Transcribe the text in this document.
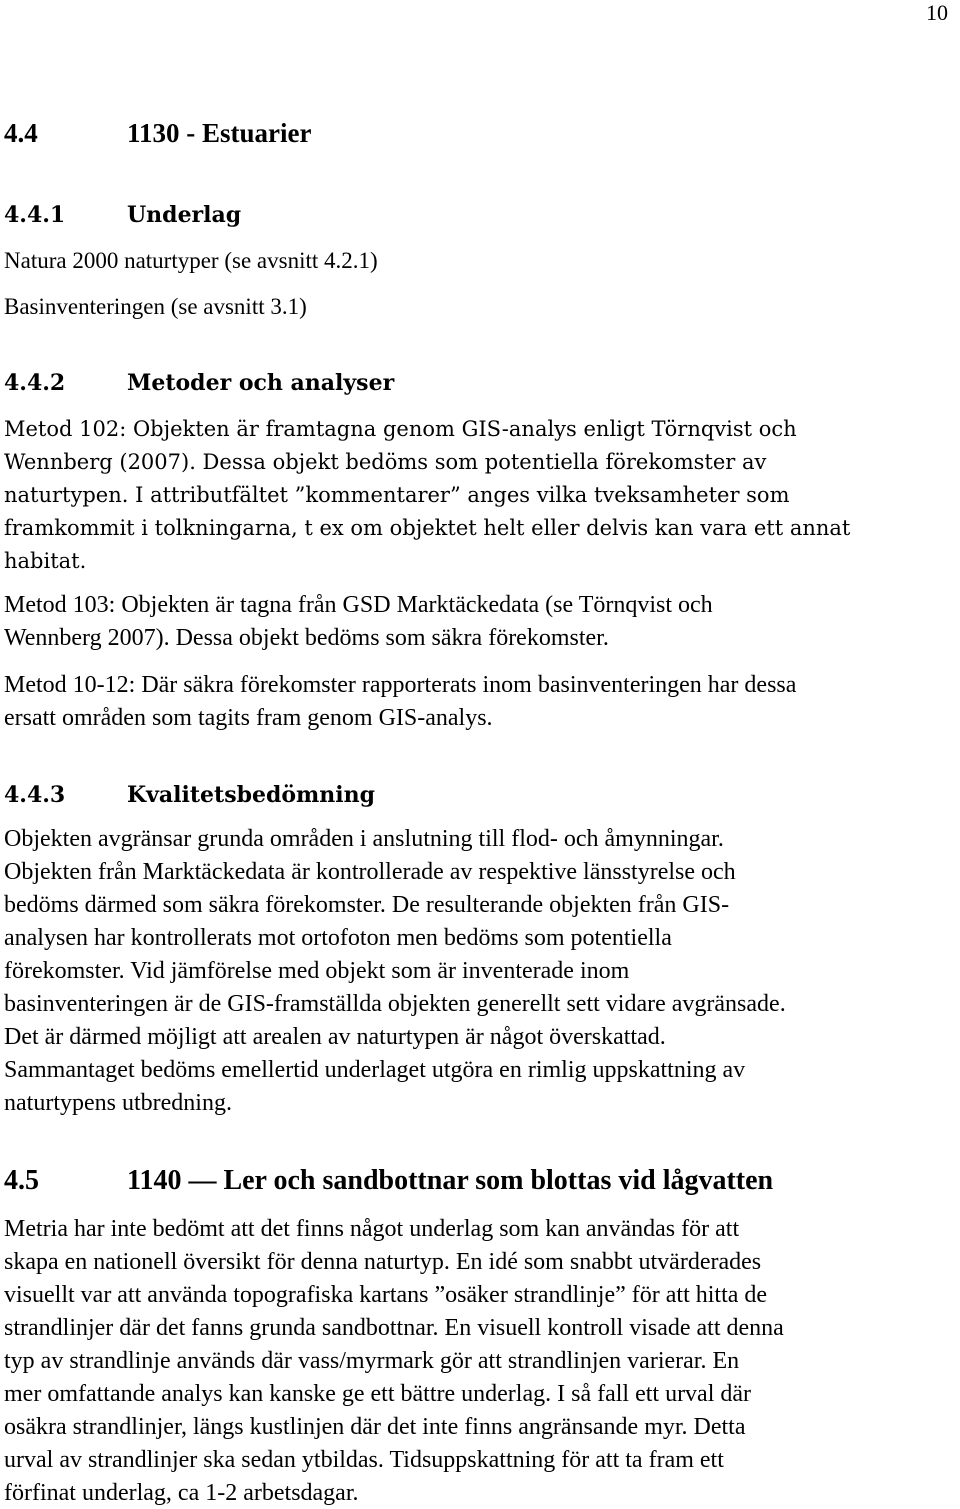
10
4.4	1130 - Estuarier
4.4.1	Underlag
Natura 2000 naturtyper (se avsnitt 4.2.1)
Basinventeringen (se avsnitt 3.1)
4.4.2	Metoder och analyser
Metod 102: Objekten är framtagna genom GIS-analys enligt Törnqvist och
Wennberg (2007). Dessa objekt bedöms som potentiella förekomster av
naturtypen. I attributfältet ”kommentarer” anges vilka tveksamheter som
framkommit i tolkningarna, t ex om objektet helt eller delvis kan vara ett annat
habitat.
Metod 103: Objekten är tagna från GSD Marktäckedata (se Törnqvist och
Wennberg 2007). Dessa objekt bedöms som säkra förekomster.
Metod 10-12: Där säkra förekomster rapporterats inom basinventeringen har dessa
ersatt områden som tagits fram genom GIS-analys.
4.4.3	Kvalitetsbedömning
Objekten avgränsar grunda områden i anslutning till flod- och åmynningar.
Objekten från Marktäckedata är kontrollerade av respektive länsstyrelse och
bedöms därmed som säkra förekomster. De resulterande objekten från GIS-
analysen har kontrollerats mot ortofoton men bedöms som potentiella
förekomster. Vid jämförelse med objekt som är inventerade inom
basinventeringen är de GIS-framställda objekten generellt sett vidare avgränsade.
Det är därmed möjligt att arealen av naturtypen är något överskattad.
Sammantaget bedöms emellertid underlaget utgöra en rimlig uppskattning av
naturtypens utbredning.
4.5	1140 — Ler och sandbottnar som blottas vid lågvatten
Metria har inte bedömt att det finns något underlag som kan användas för att
skapa en nationell översikt för denna naturtyp. En idé som snabbt utvärderades
visuellt var att använda topografiska kartans ”osäker strandlinje” för att hitta de
strandlinjer där det fanns grunda sandbottnar. En visuell kontroll visade att denna
typ av strandlinje används där vass/myrmark gör att strandlinjen varierar. En
mer omfattande analys kan kanske ge ett bättre underlag. I så fall ett urval där
osäkra strandlinjer, längs kustlinjen där det inte finns angränsande myr. Detta
urval av strandlinjer ska sedan ytbildas. Tidsuppskattning för att ta fram ett
förfinat underlag, ca 1-2 arbetsdagar.
